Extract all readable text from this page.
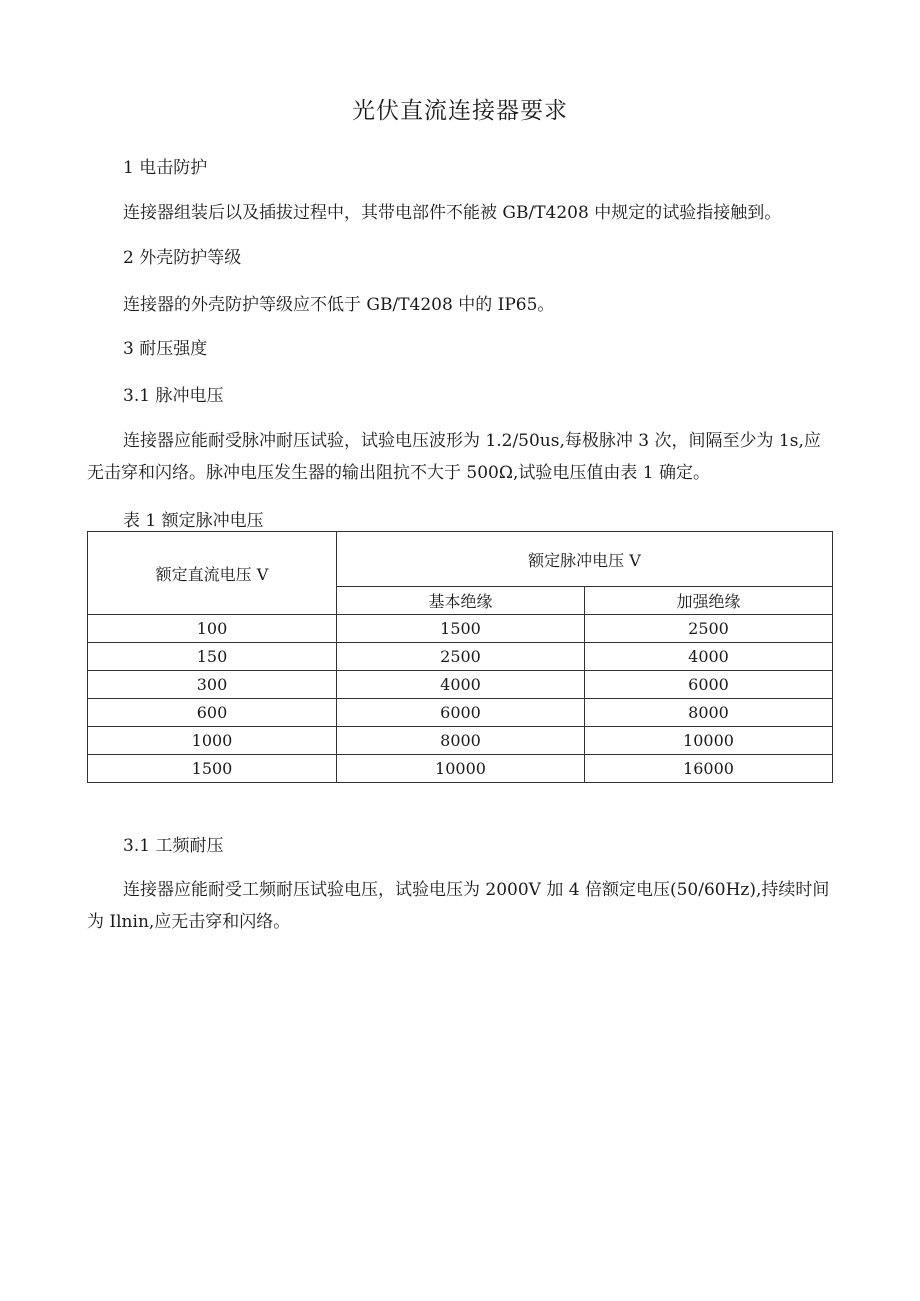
光伏直流连接器要求
1 电击防护
连接器组装后以及插拔过程中，其带电部件不能被 GB/T4208 中规定的试验指接触到。
2 外壳防护等级
连接器的外壳防护等级应不低于 GB/T4208 中的 IP65。
3 耐压强度
3.1 脉冲电压
连接器应能耐受脉冲耐压试验，试验电压波形为 1.2∕50us,每极脉冲 3 次，间隔至少为 1s,应无击穿和闪络。脉冲电压发生器的输出阻抗不大于 500Ω,试验电压值由表 1 确定。
表 1 额定脉冲电压
额定直流电压 V	额定脉冲电压 V	
	基本绝缘	加强绝缘
100	1500	2500
150	2500	4000
300	4000	6000
600	6000	8000
1000	8000	10000
1500	10000	16000
3.1 工频耐压
连接器应能耐受工频耐压试验电压，试验电压为 2000V 加 4 倍额定电压(50/60Hz),持续时间为 Ilnin,应无击穿和闪络。
